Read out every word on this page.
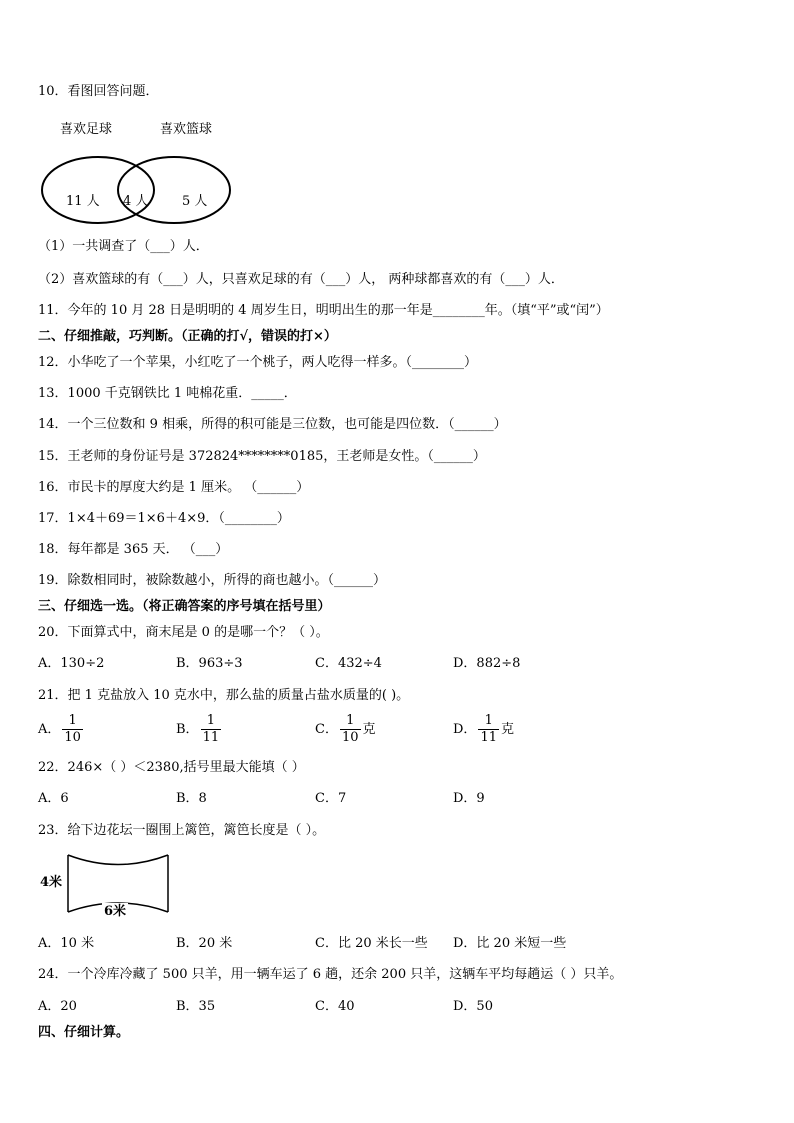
10．看图回答问题．
喜欢足球	喜欢篮球
11 人 4 人	5 人
（1）一共调查了（___）人．
（2）喜欢篮球的有（___）人，只喜欢足球的有（___）人， 两种球都喜欢的有（___）人．
11．今年的 10 月 28 日是明明的 4 周岁生日，明明出生的那一年是________年。（填“平”或“闰”）
二、仔细推敲，巧判断。（正确的打√，错误的打×）
12．小华吃了一个苹果，小红吃了一个桃子，两人吃得一样多。（________）
13．1000 千克钢铁比 1 吨棉花重．_____．
14．一个三位数和 9 相乘，所得的积可能是三位数，也可能是四位数．（______）
15．王老师的身份证号是 372824********0185，王老师是女性。（______）
16．市民卡的厚度大约是 1 厘米。 （______）
17．1×4＋69＝1×6＋4×9．（________）
18．每年都是 365 天． （___）
19．除数相同时，被除数越小，所得的商也越小。（______）
三、仔细选一选。（将正确答案的序号填在括号里）
20．下面算式中，商末尾是 0 的是哪一个？（ ）。
A．130÷2	B．963÷3	C．432÷4	D．882÷8
21．把 1 克盐放入 10 克水中，那么盐的质量占盐水质量的( )。
A． $\frac{1}{10}$	B． $\frac{1}{11}$	C． $\frac{1}{10}$ 克	D． $\frac{1}{11}$ 克
22．246×（ ）＜2380,括号里最大能填（ ）
A．6	B．8	C．7	D．9
23．给下边花坛一圈围上篱笆，篱笆长度是（ ）。
4米
6米
A．10 米	B．20 米	C．比 20 米长一些 D．比 20 米短一些
24．一个冷库冷藏了 500 只羊，用一辆车运了 6 趟，还余 200 只羊，这辆车平均每趟运（ ）只羊。
A．20	B．35	C．40	D．50
四、仔细计算。
